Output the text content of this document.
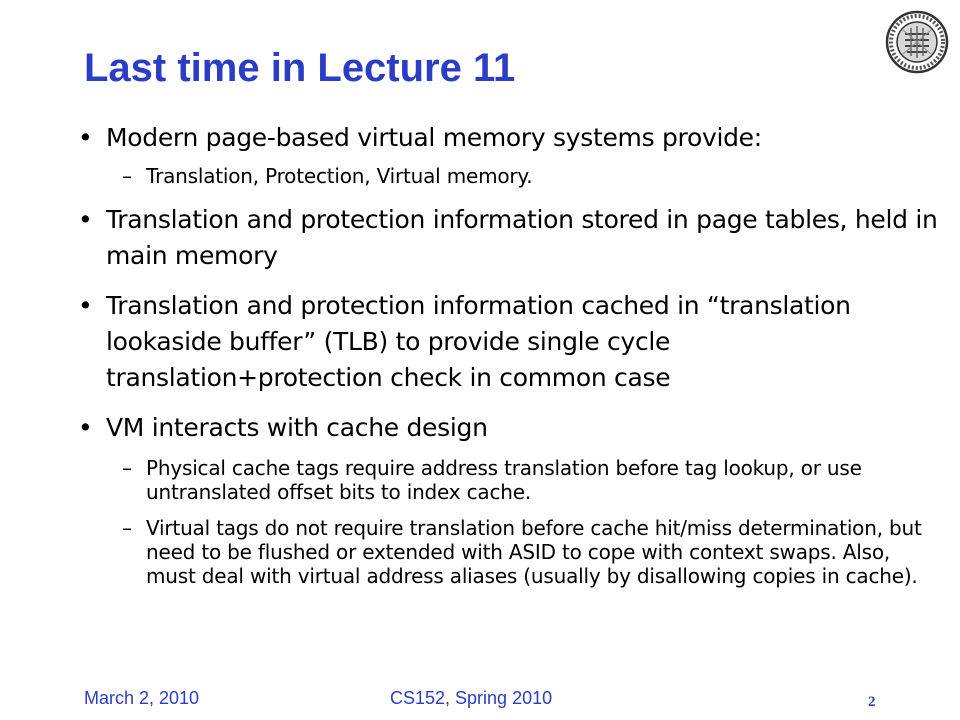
Last time in Lecture 11
• Modern page-based virtual memory systems provide:
– Translation, Protection, Virtual memory.
• Translation and protection information stored in page tables, held in main memory
• Translation and protection information cached in “translation lookaside buffer” (TLB) to provide single cycle translation+protection check in common case
• VM interacts with cache design
– Physical cache tags require address translation before tag lookup, or use untranslated offset bits to index cache.
– Virtual tags do not require translation before cache hit/miss determination, but need to be flushed or extended with ASID to cope with context swaps. Also, must deal with virtual address aliases (usually by disallowing copies in cache).
March 2, 2010	CS152, Spring 2010	2
